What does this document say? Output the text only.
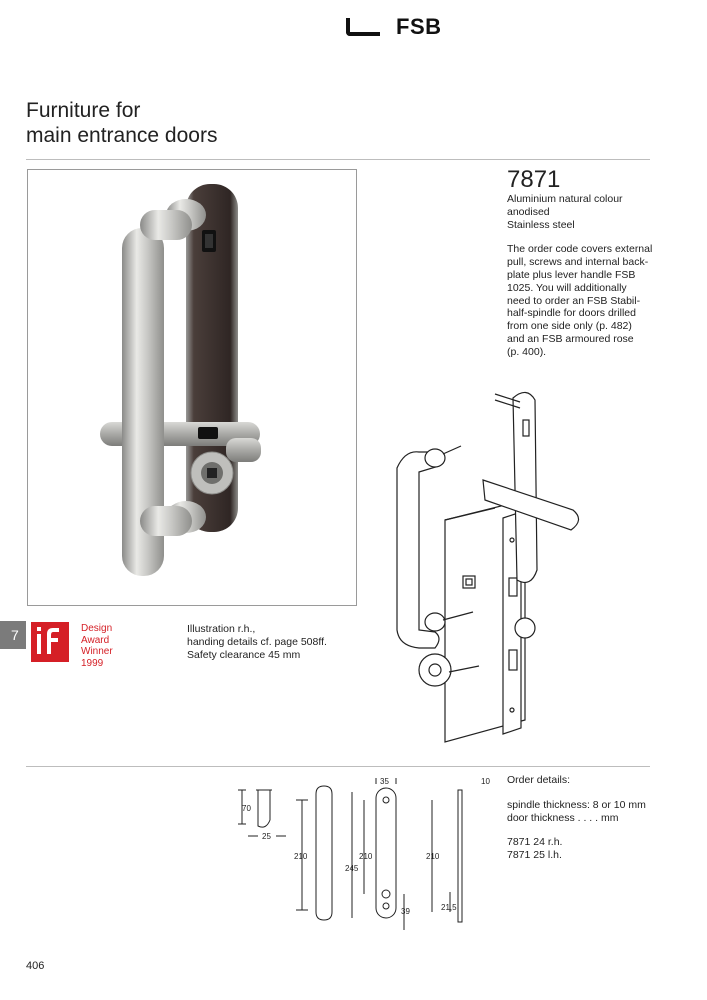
FSB
Furniture for
main entrance doors
7871

Aluminium natural colour

anodised

Stainless steel

The order code covers external

pull, screws and internal back-

plate plus lever handle FSB

1025. You will additionally

need to order an FSB Stabil-

half-spindle for doors drilled

from one side only (p. 482)

and an FSB armoured rose

(p. 400).

7	Design
Award
Winner
1999
Illustration r.h.,
handing details cf. page 508ff.
Safety clearance 45 mm
70
25
210
35
245
210
39
10
210
21,5

Order details:

spindle thickness: 8 or 10 mm

door thickness . . . . mm

7871 24 r.h.

7871 25 l.h.

406
